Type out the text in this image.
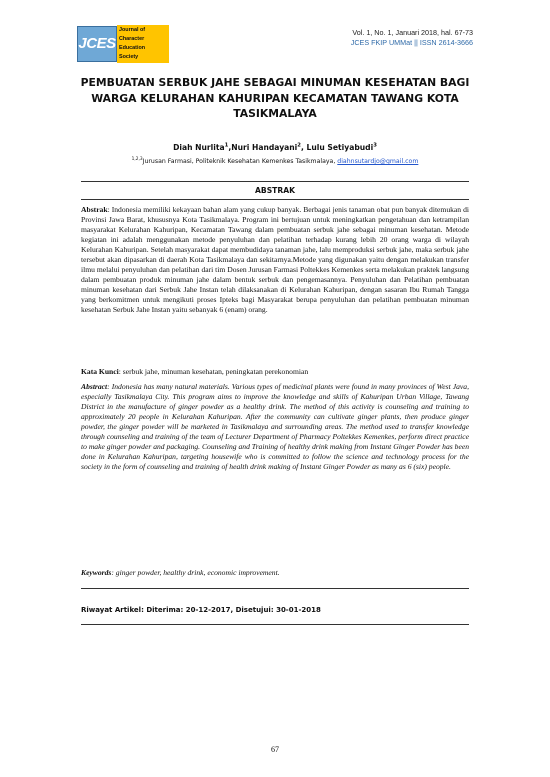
JCES
Journal of
Character
Education
Society
Vol. 1, No. 1, Januari 2018, hal. 67-73
JCES FKIP UMMat || ISSN 2614-3666
PEMBUATAN SERBUK JAHE SEBAGAI MINUMAN KESEHATAN BAGI WARGA KELURAHAN KAHURIPAN KECAMATAN TAWANG KOTA TASIKMALAYA
Diah Nurlita$^1$,Nuri Handayani$^2$, Lulu Setiyabudi$^3$
$^{1,2,3}$Jurusan Farmasi, Politeknik Kesehatan Kemenkes Tasikmalaya, diahnsutardjo@gmail.com
ABSTRAK
Abstrak: Indonesia memiliki kekayaan bahan alam yang cukup banyak. Berbagai jenis tanaman obat pun banyak ditemukan di Provinsi Jawa Barat, khususnya Kota Tasikmalaya. Program ini bertujuan untuk meningkatkan pengetahuan dan ketrampilan masyarakat Kelurahan Kahuripan, Kecamatan Tawang dalam pembuatan serbuk jahe sebagai minuman kesehatan. Metode kegiatan ini adalah menggunakan metode penyuluhan dan pelatihan terhadap kurang lebih 20 orang warga di wilayah Kelurahan Kahuripan. Setelah masyarakat dapat membudidaya tanaman jahe, lalu memproduksi serbuk jahe, maka serbuk jahe tersebut akan dipasarkan di daerah Kota Tasikmalaya dan sekitarnya.Metode yang digunakan yaitu dengan melakukan transfer ilmu melalui penyuluhan dan pelatihan dari tim Dosen Jurusan Farmasi Poltekkes Kemenkes serta melakukan praktek langsung dalam pembuatan produk minuman jahe dalam bentuk serbuk dan pengemasannya. Penyuluhan dan Pelatihan pembuatan minuman kesehatan dari Serbuk Jahe Instan telah dilaksanakan di Kelurahan Kahuripan, dengan sasaran Ibu Rumah Tangga yang berkomitmen untuk mengikuti proses Ipteks bagi Masyarakat berupa penyuluhan dan pelatihan pembuatan minuman kesehatan Serbuk Jahe Instan yaitu sebanyak 6 (enam) orang.
Kata Kunci: serbuk jahe, minuman kesehatan, peningkatan perekonomian
Abstract: Indonesia has many natural materials. Various types of medicinal plants were found in many provinces of West Java, especially Tasikmalaya City. This program aims to improve the knowledge and skills of Kahuripan Urban Village, Tawang District in the manufacture of ginger powder as a healthy drink. The method of this activity is counseling and training to approximately 20 people in Kelurahan Kahuripan. After the community can cultivate ginger plants, then produce ginger powder, the ginger powder will be marketed in Tasikmalaya and surrounding areas. The method used to transfer knowledge through counseling and training of the team of Lecturer Department of Pharmacy Poltekkes Kemenkes, perform direct practice to make ginger powder and packaging. Counseling and Training of healthy drink making from Instant Ginger Powder has been done in Kelurahan Kahuripan, targeting housewife who is committed to follow the science and technology process for the society in the form of counseling and training of health drink making of Instant Ginger Powder as many as 6 (six) people.
Keywords: ginger powder, healthy drink, economic improvement.
Riwayat Artikel: Diterima: 20-12-2017, Disetujui: 30-01-2018
67
